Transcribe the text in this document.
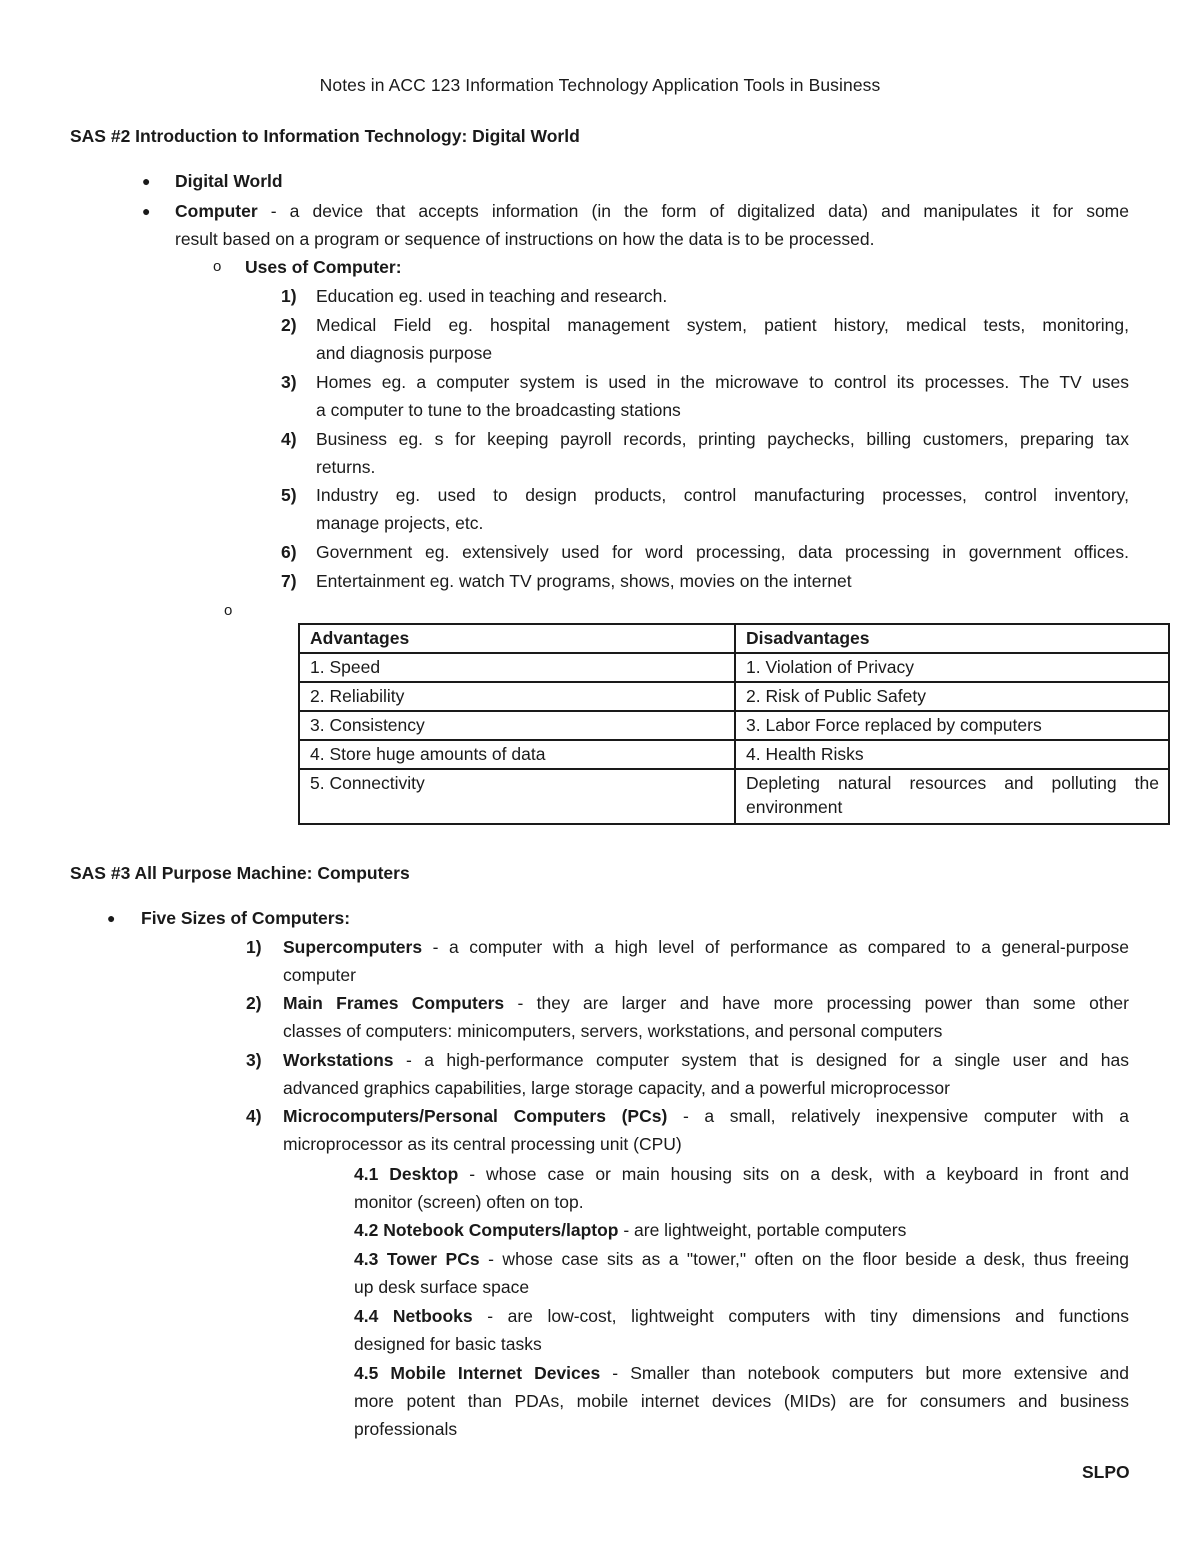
Notes in ACC 123 Information Technology Application Tools in Business
SAS #2 Introduction to Information Technology: Digital World
● Digital World
● Computer - a device that accepts information (in the form of digitalized data) and manipulates it for some
result based on a program or sequence of instructions on how the data is to be processed.
o Uses of Computer:
1) Education eg. used in teaching and research.
2) Medical Field eg. hospital management system, patient history, medical tests, monitoring,
and diagnosis purpose
3) Homes eg. a computer system is used in the microwave to control its processes. The TV uses
a computer to tune to the broadcasting stations
4) Business eg. s for keeping payroll records, printing paychecks, billing customers, preparing tax
returns.
5) Industry eg. used to design products, control manufacturing processes, control inventory,
manage projects, etc.
6) Government eg. extensively used for word processing, data processing in government offices.
7) Entertainment eg. watch TV programs, shows, movies on the internet
o
Advantages	Disadvantages
1. Speed	1. Violation of Privacy
2. Reliability	2. Risk of Public Safety
3. Consistency	3. Labor Force replaced by computers
4. Store huge amounts of data	4. Health Risks
5. Connectivity	Depleting natural resources and polluting the environment
SAS #3 All Purpose Machine: Computers
● Five Sizes of Computers:
1) Supercomputers - a computer with a high level of performance as compared to a general-purpose
computer
2) Main Frames Computers - they are larger and have more processing power than some other
classes of computers: minicomputers, servers, workstations, and personal computers
3) Workstations - a high-performance computer system that is designed for a single user and has
advanced graphics capabilities, large storage capacity, and a powerful microprocessor
4) Microcomputers/Personal Computers (PCs) - a small, relatively inexpensive computer with a
microprocessor as its central processing unit (CPU)
4.1 Desktop - whose case or main housing sits on a desk, with a keyboard in front and
monitor (screen) often on top.
4.2 Notebook Computers/laptop - are lightweight, portable computers
4.3 Tower PCs - whose case sits as a "tower," often on the floor beside a desk, thus freeing
up desk surface space
4.4 Netbooks - are low-cost, lightweight computers with tiny dimensions and functions
designed for basic tasks
4.5 Mobile Internet Devices - Smaller than notebook computers but more extensive and
more potent than PDAs, mobile internet devices (MIDs) are for consumers and business
professionals
SLPO
